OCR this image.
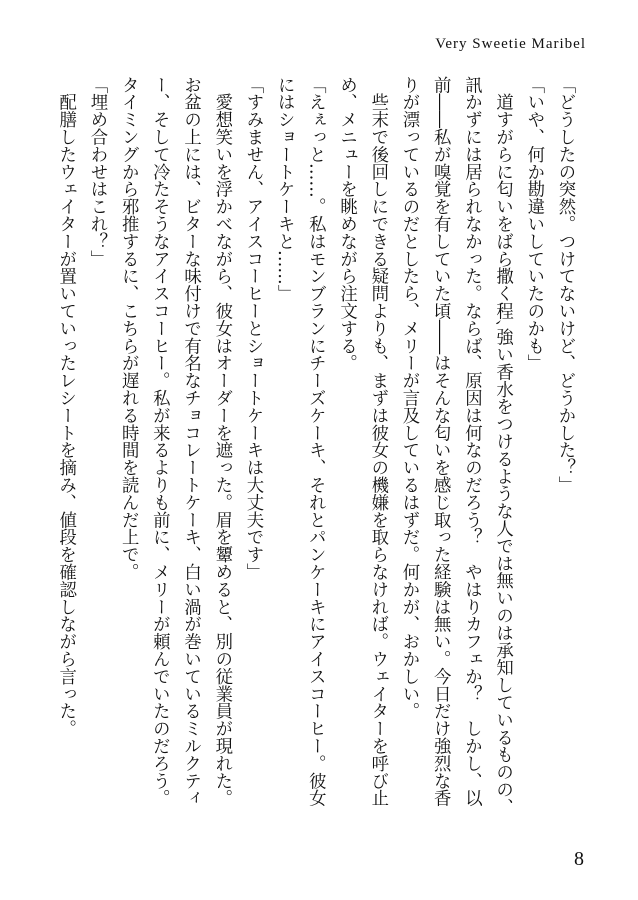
Very Sweetie Maribel
「どうしたの突然。つけてないけど、どうかした？」
「いや、何か勘違いしていたのかも」
　道すがらに匂いをばら撒く程､強い香水をつけるような人では無いのは承知しているものの、
訊かずには居られなかった。ならば、原因は何なのだろう？　やはりカフェか？　しかし、以
前――私が嗅覚を有していた頃――はそんな匂いを感じ取った経験は無い。今日だけ強烈な香
りが漂っているのだとしたら、メリーが言及しているはずだ。何かが、おかしい。
　些末で後回しにできる疑問よりも、まずは彼女の機嫌を取らなければ。ウェイターを呼び止
め、メニューを眺めながら注文する。
「えぇっと……。私はモンブランにチーズケーキ、それとパンケーキにアイスコーヒー。彼女
にはショートケーキと……」
「すみません、アイスコーヒーとショートケーキは大丈夫です」
　愛想笑いを浮かべながら、彼女はオーダーを遮った。眉を顰めると、別の従業員が現れた。
お盆の上には、ビターな味付けで有名なチョコレートケーキ、白い渦が巻いているミルクティ
ー、そして冷たそうなアイスコーヒー。私が来るよりも前に、メリーが頼んでいたのだろう。
タイミングから邪推するに、こちらが遅れる時間を読んだ上で。
「埋め合わせはこれ？」
　配膳したウェイターが置いていったレシートを摘み、値段を確認しながら言った。
8
